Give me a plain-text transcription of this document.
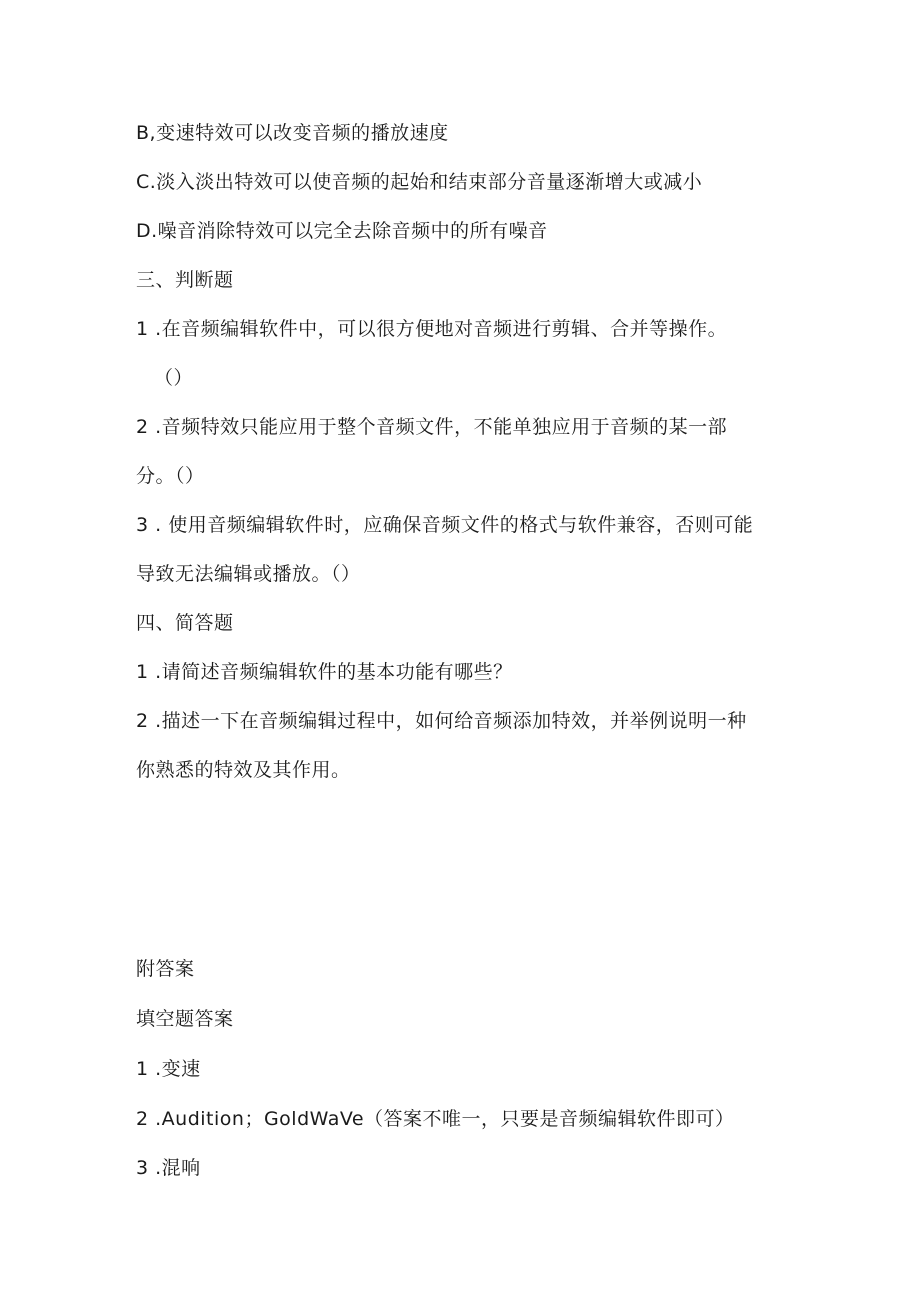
B,变速特效可以改变音频的播放速度
C.淡入淡出特效可以使音频的起始和结束部分音量逐渐增大或减小
D.噪音消除特效可以完全去除音频中的所有噪音
三、判断题
1 .在音频编辑软件中，可以很方便地对音频进行剪辑、合并等操作。
（）
2 .音频特效只能应用于整个音频文件，不能单独应用于音频的某一部
分。（）
3 . 使用音频编辑软件时，应确保音频文件的格式与软件兼容，否则可能
导致无法编辑或播放。（）
四、简答题
1 .请简述音频编辑软件的基本功能有哪些？
2 .描述一下在音频编辑过程中，如何给音频添加特效，并举例说明一种
你熟悉的特效及其作用。
附答案
填空题答案
1 .变速
2 .Audition；GoldWaVe（答案不唯一，只要是音频编辑软件即可）
3 .混响
